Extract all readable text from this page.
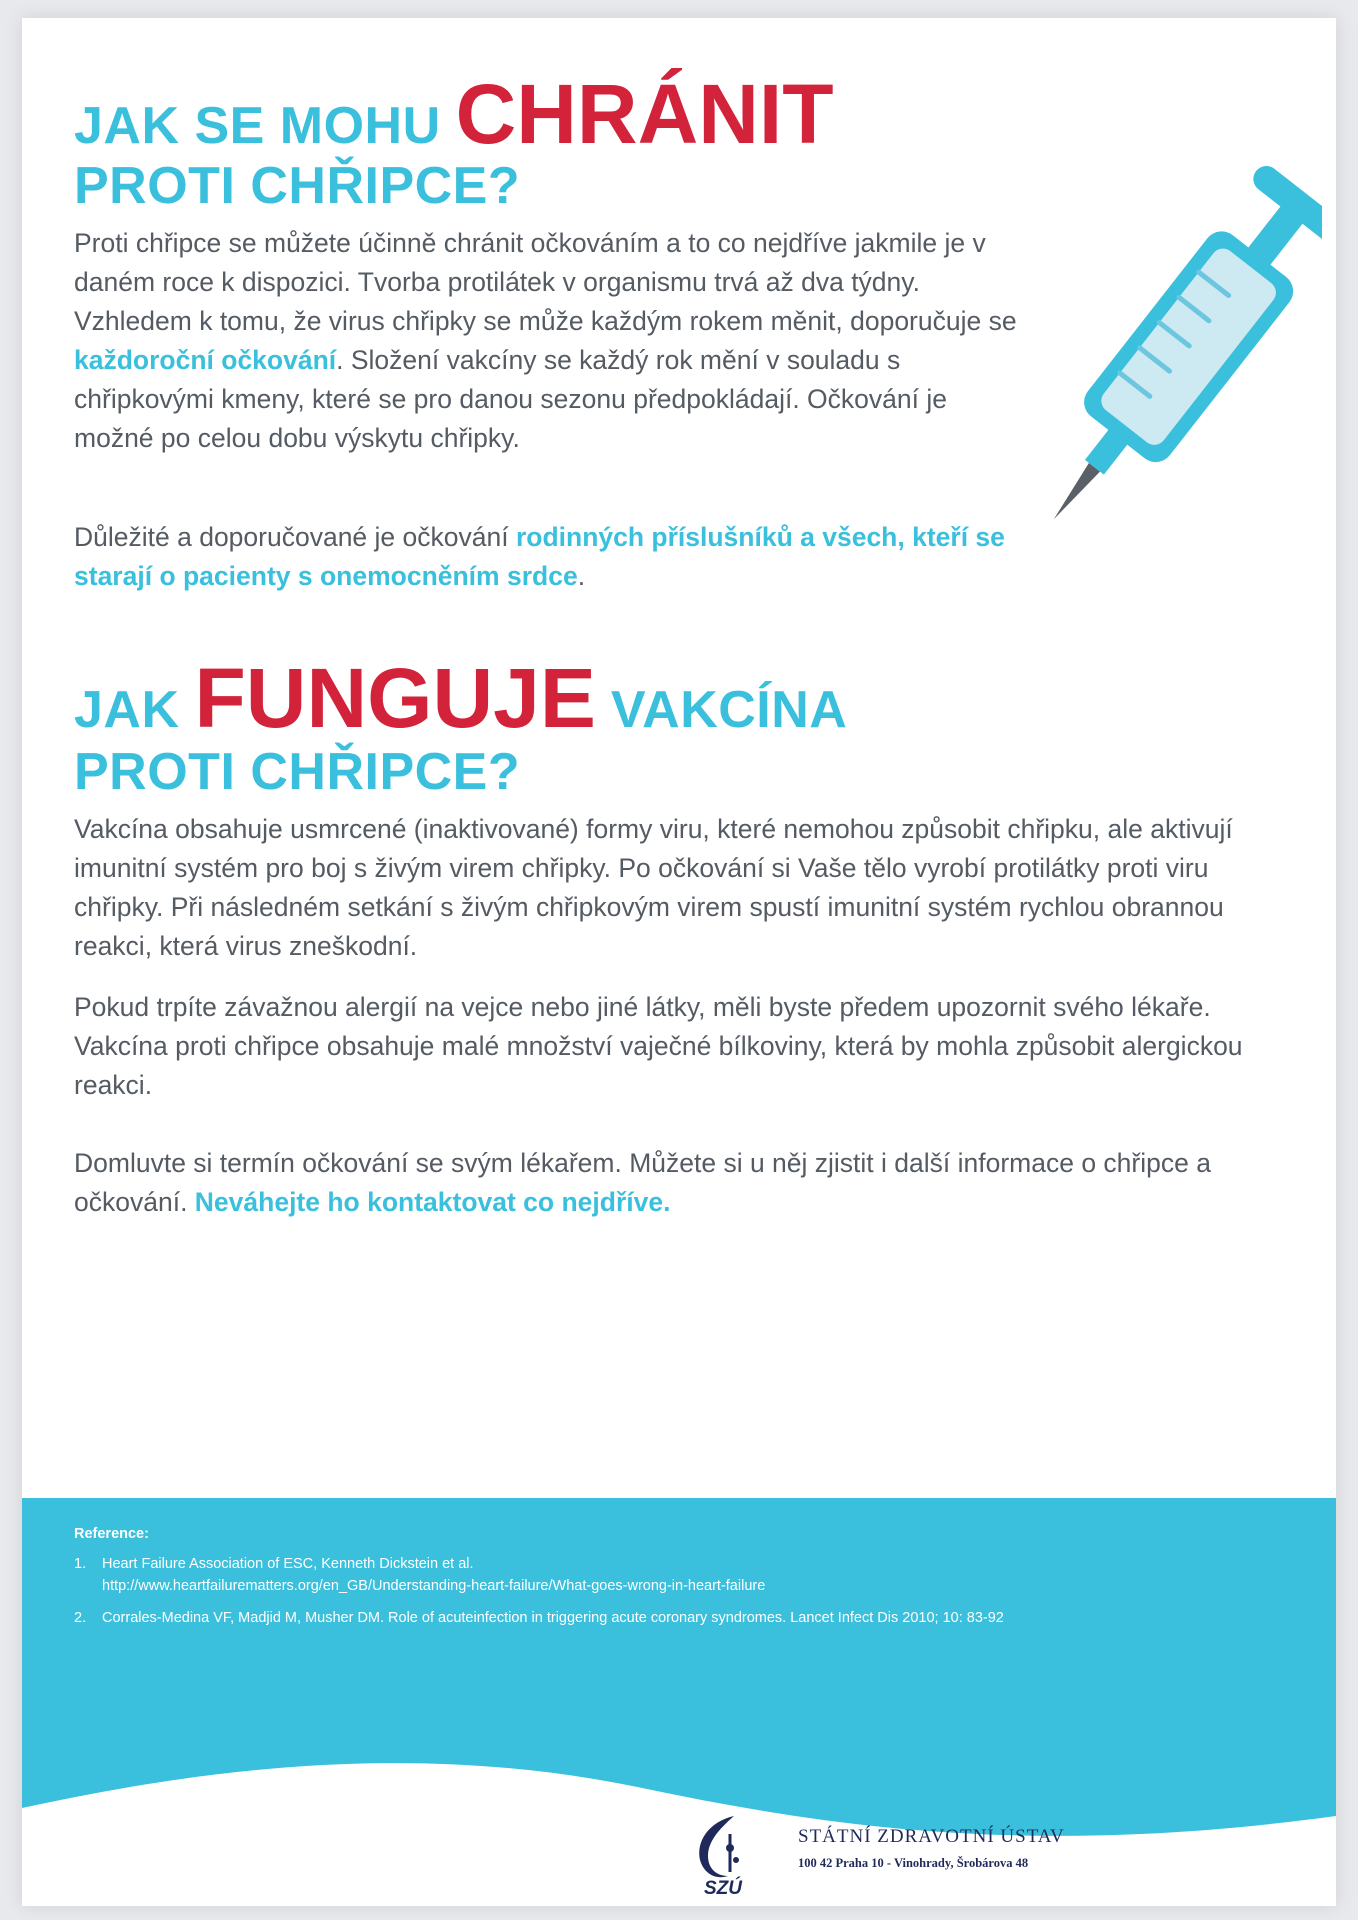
JAK SE MOHU CHRÁNIT
PROTI CHŘIPCE?

Proti chřipce se můžete účinně chránit očkováním a to co nejdříve jakmile je v daném roce k dispozici. Tvorba protilátek v organismu trvá až dva týdny. Vzhledem k tomu, že virus chřipky se může každým rokem měnit, doporučuje se každoroční očkování. Složení vakcíny se každý rok mění v souladu s chřipkovými kmeny, které se pro danou sezonu předpokládají. Očkování je možné po celou dobu výskytu chřipky.

Důležité a doporučované je očkování rodinných příslušníků a všech, kteří se starají o pacienty s onemocněním srdce.

JAK FUNGUJE VAKCÍNA
PROTI CHŘIPCE?

Vakcína obsahuje usmrcené (inaktivované) formy viru, které nemohou způsobit chřipku, ale aktivují imunitní systém pro boj s živým virem chřipky. Po očkování si Vaše tělo vyrobí protilátky proti viru chřipky. Při následném setkání s živým chřipkovým virem spustí imunitní systém rychlou obrannou reakci, která virus zneškodní.

Pokud trpíte závažnou alergií na vejce nebo jiné látky, měli byste předem upozornit svého lékaře. Vakcína proti chřipce obsahuje malé množství vaječné bílkoviny, která by mohla způsobit alergickou reakci.

Domluvte si termín očkování se svým lékařem. Můžete si u něj zjistit i další informace o chřipce a očkování. Neváhejte ho kontaktovat co nejdříve.

Reference:
1. Heart Failure Association of ESC, Kenneth Dickstein et al.
http://www.heartfailurematters.org/en_GB/Understanding-heart-failure/What-goes-wrong-in-heart-failure
2. Corrales-Medina VF, Madjid M, Musher DM. Role of acuteinfection in triggering acute coronary syndromes. Lancet Infect Dis 2010; 10: 83-92
SZÚ
STÁTNÍ ZDRAVOTNÍ ÚSTAV
100 42 Praha 10 - Vinohrady, Šrobárova 48
